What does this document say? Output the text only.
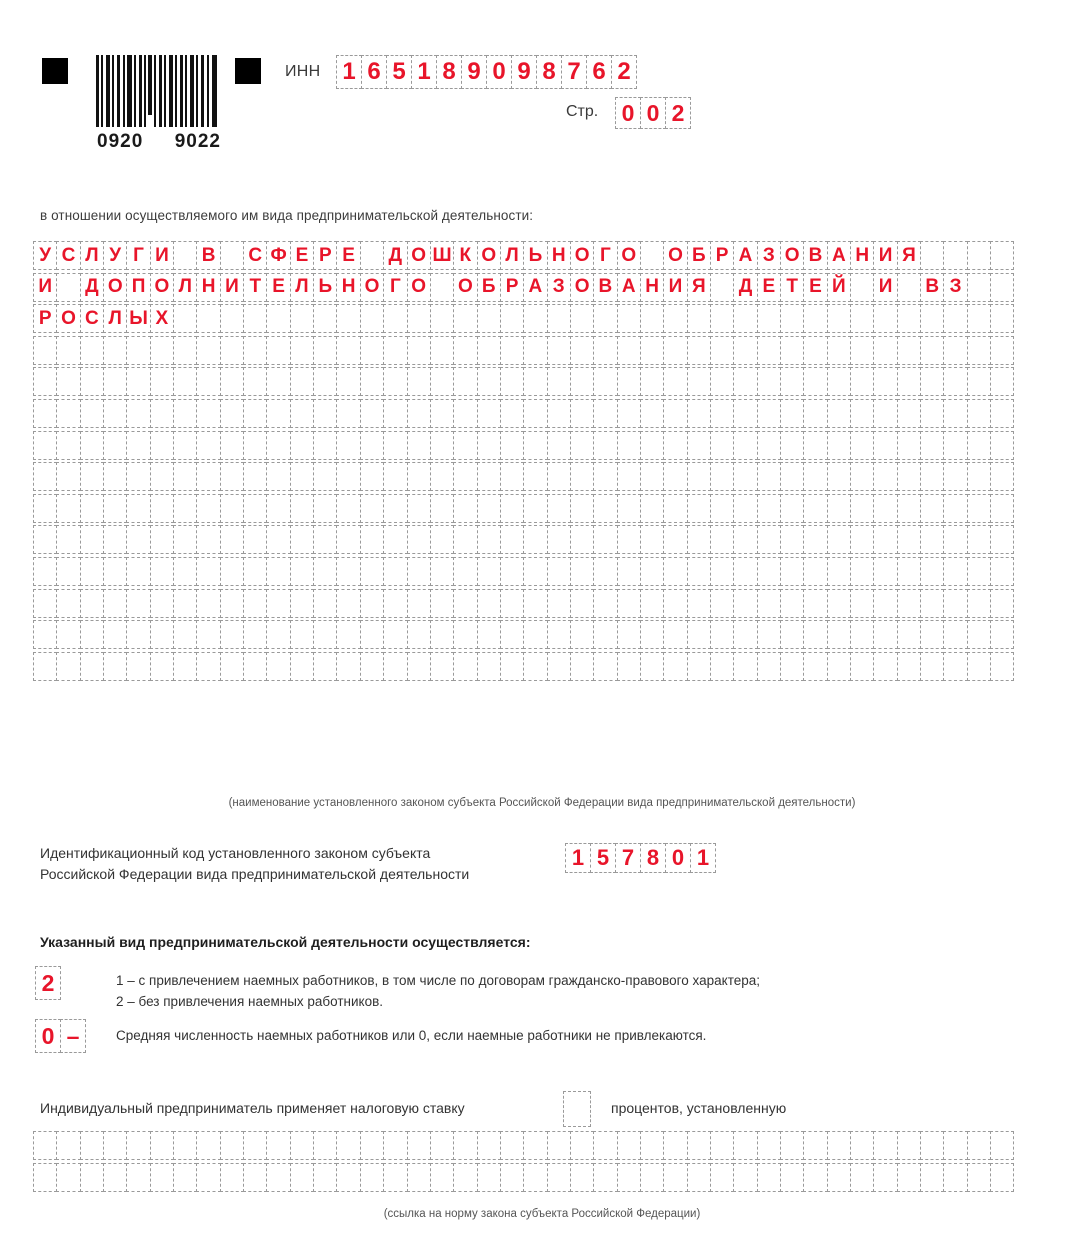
0920 9022
ИНН 1 6 5 1 8 9 0 9 8 7 6 2
Стр. 0 0 2
в отношении осуществляемого им вида предпринимательской деятельности:
У С Л У Г И В С Ф Е Р Е	Д О Ш К О Л Ь Н О Г О О Б Р А З О В А Н И Я
И Д О П О Л Н И Т Е Л Ь Н О Г О О Б Р А З О В А Н И Я Д Е Т Е Й И В З
Р О С Л Ы Х
(наименование установленного законом субъекта Российской Федерации вида предпринимательской деятельности)
Идентификационный код установленного законом субъекта
Российской Федерации вида предпринимательской деятельности
1 5 7 8 0 1
Указанный вид предпринимательской деятельности осуществляется:
2	1 – с привлечением наемных работников, в том числе по договорам гражданско-правового характера;
2 – без привлечения наемных работников.
0 –	Средняя численность наемных работников или 0, если наемные работники не привлекаются.
Индивидуальный предприниматель применяет налоговую ставку	процентов, установленную
(ссылка на норму закона субъекта Российской Федерации)
